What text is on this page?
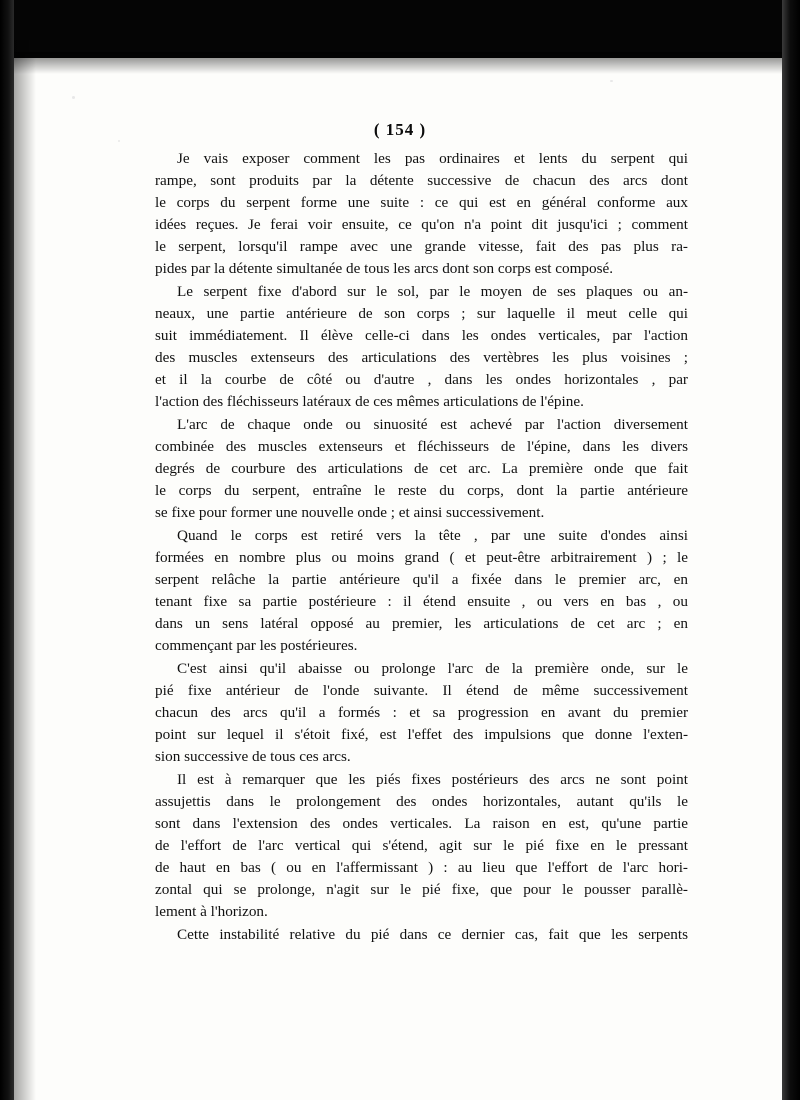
( 154 )
Je vais exposer comment les pas ordinaires et lents du serpent qui
rampe, sont produits par la détente successive de chacun des arcs dont
le corps du serpent forme une suite : ce qui est en général conforme aux
idées reçues. Je ferai voir ensuite, ce qu'on n'a point dit jusqu'ici ; comment
le serpent, lorsqu'il rampe avec une grande vitesse, fait des pas plus ra-
pides par la détente simultanée de tous les arcs dont son corps est composé.
Le serpent fixe d'abord sur le sol, par le moyen de ses plaques ou an-
neaux, une partie antérieure de son corps ; sur laquelle il meut celle qui
suit immédiatement. Il élève celle-ci dans les ondes verticales, par l'action
des muscles extenseurs des articulations des vertèbres les plus voisines ;
et il la courbe de côté ou d'autre , dans les ondes horizontales , par
l'action des fléchisseurs latéraux de ces mêmes articulations de l'épine.
L'arc de chaque onde ou sinuosité est achevé par l'action diversement
combinée des muscles extenseurs et fléchisseurs de l'épine, dans les divers
degrés de courbure des articulations de cet arc. La première onde que fait
le corps du serpent, entraîne le reste du corps, dont la partie antérieure
se fixe pour former une nouvelle onde ; et ainsi successivement.
Quand le corps est retiré vers la tête , par une suite d'ondes ainsi
formées en nombre plus ou moins grand ( et peut-être arbitrairement ) ; le
serpent relâche la partie antérieure qu'il a fixée dans le premier arc, en
tenant fixe sa partie postérieure : il étend ensuite , ou vers en bas , ou
dans un sens latéral opposé au premier, les articulations de cet arc ; en
commençant par les postérieures.
C'est ainsi qu'il abaisse ou prolonge l'arc de la première onde, sur le
pié fixe antérieur de l'onde suivante. Il étend de même successivement
chacun des arcs qu'il a formés : et sa progression en avant du premier
point sur lequel il s'étoit fixé, est l'effet des impulsions que donne l'exten-
sion successive de tous ces arcs.
Il est à remarquer que les piés fixes postérieurs des arcs ne sont point
assujettis dans le prolongement des ondes horizontales, autant qu'ils le
sont dans l'extension des ondes verticales. La raison en est, qu'une partie
de l'effort de l'arc vertical qui s'étend, agit sur le pié fixe en le pressant
de haut en bas ( ou en l'affermissant ) : au lieu que l'effort de l'arc hori-
zontal qui se prolonge, n'agit sur le pié fixe, que pour le pousser parallè-
lement à l'horizon.
Cette instabilité relative du pié dans ce dernier cas, fait que les serpents
